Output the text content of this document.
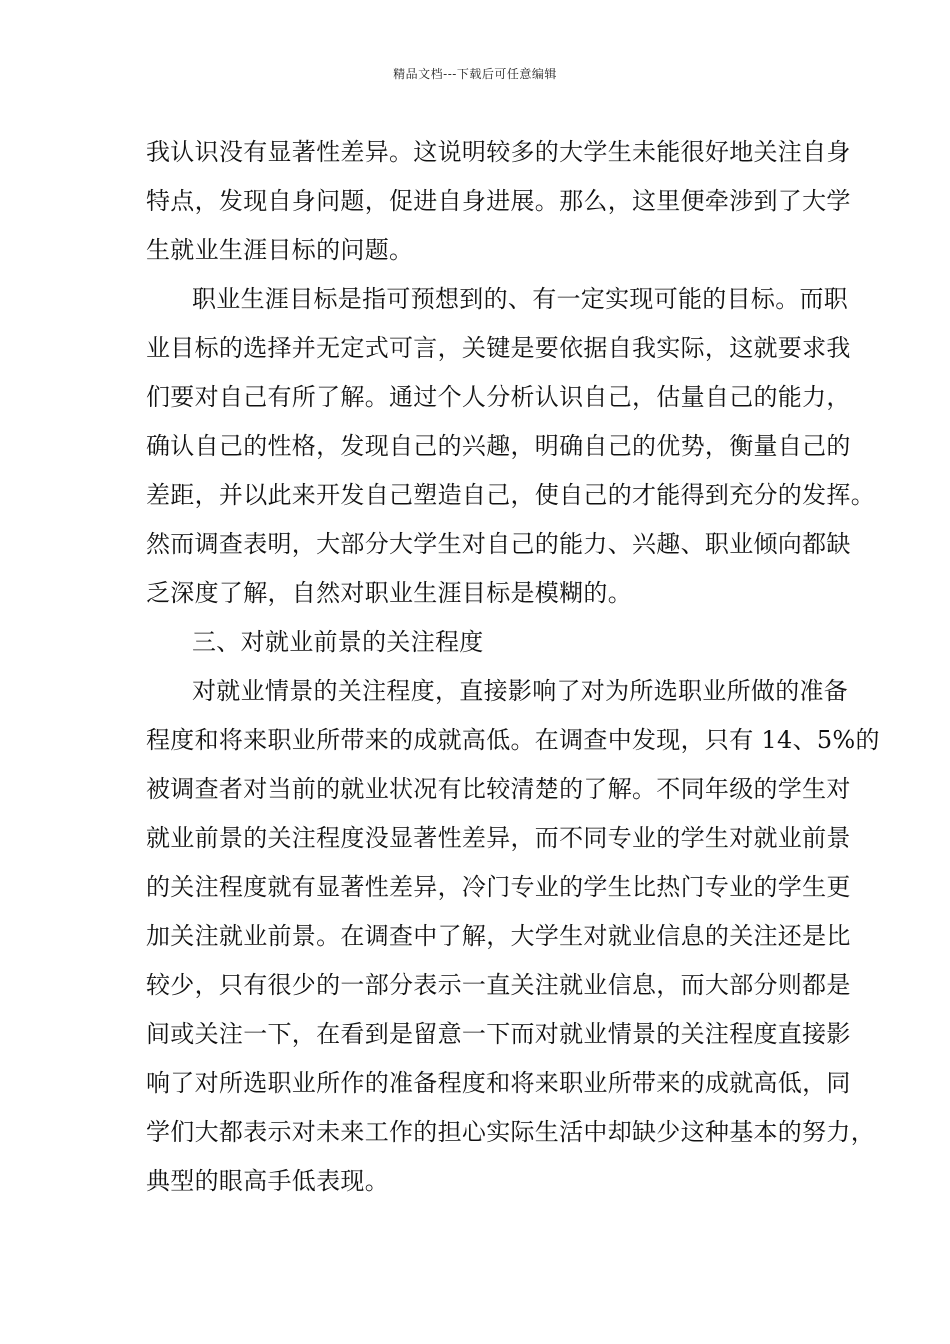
精品文档---下载后可任意编辑
我认识没有显著性差异。这说明较多的大学生未能很好地关注自身
特点，发现自身问题，促进自身进展。那么，这里便牵涉到了大学
生就业生涯目标的问题。
职业生涯目标是指可预想到的、有一定实现可能的目标。而职
业目标的选择并无定式可言，关键是要依据自我实际，这就要求我
们要对自己有所了解。通过个人分析认识自己，估量自己的能力，
确认自己的性格，发现自己的兴趣，明确自己的优势，衡量自己的
差距，并以此来开发自己塑造自己，使自己的才能得到充分的发挥。
然而调查表明，大部分大学生对自己的能力、兴趣、职业倾向都缺
乏深度了解，自然对职业生涯目标是模糊的。
三、对就业前景的关注程度
对就业情景的关注程度，直接影响了对为所选职业所做的准备
程度和将来职业所带来的成就高低。在调查中发现，只有 14、5%的
被调查者对当前的就业状况有比较清楚的了解。不同年级的学生对
就业前景的关注程度没显著性差异，而不同专业的学生对就业前景
的关注程度就有显著性差异，冷门专业的学生比热门专业的学生更
加关注就业前景。在调查中了解，大学生对就业信息的关注还是比
较少，只有很少的一部分表示一直关注就业信息，而大部分则都是
间或关注一下，在看到是留意一下而对就业情景的关注程度直接影
响了对所选职业所作的准备程度和将来职业所带来的成就高低，同
学们大都表示对未来工作的担心实际生活中却缺少这种基本的努力，
典型的眼高手低表现。
